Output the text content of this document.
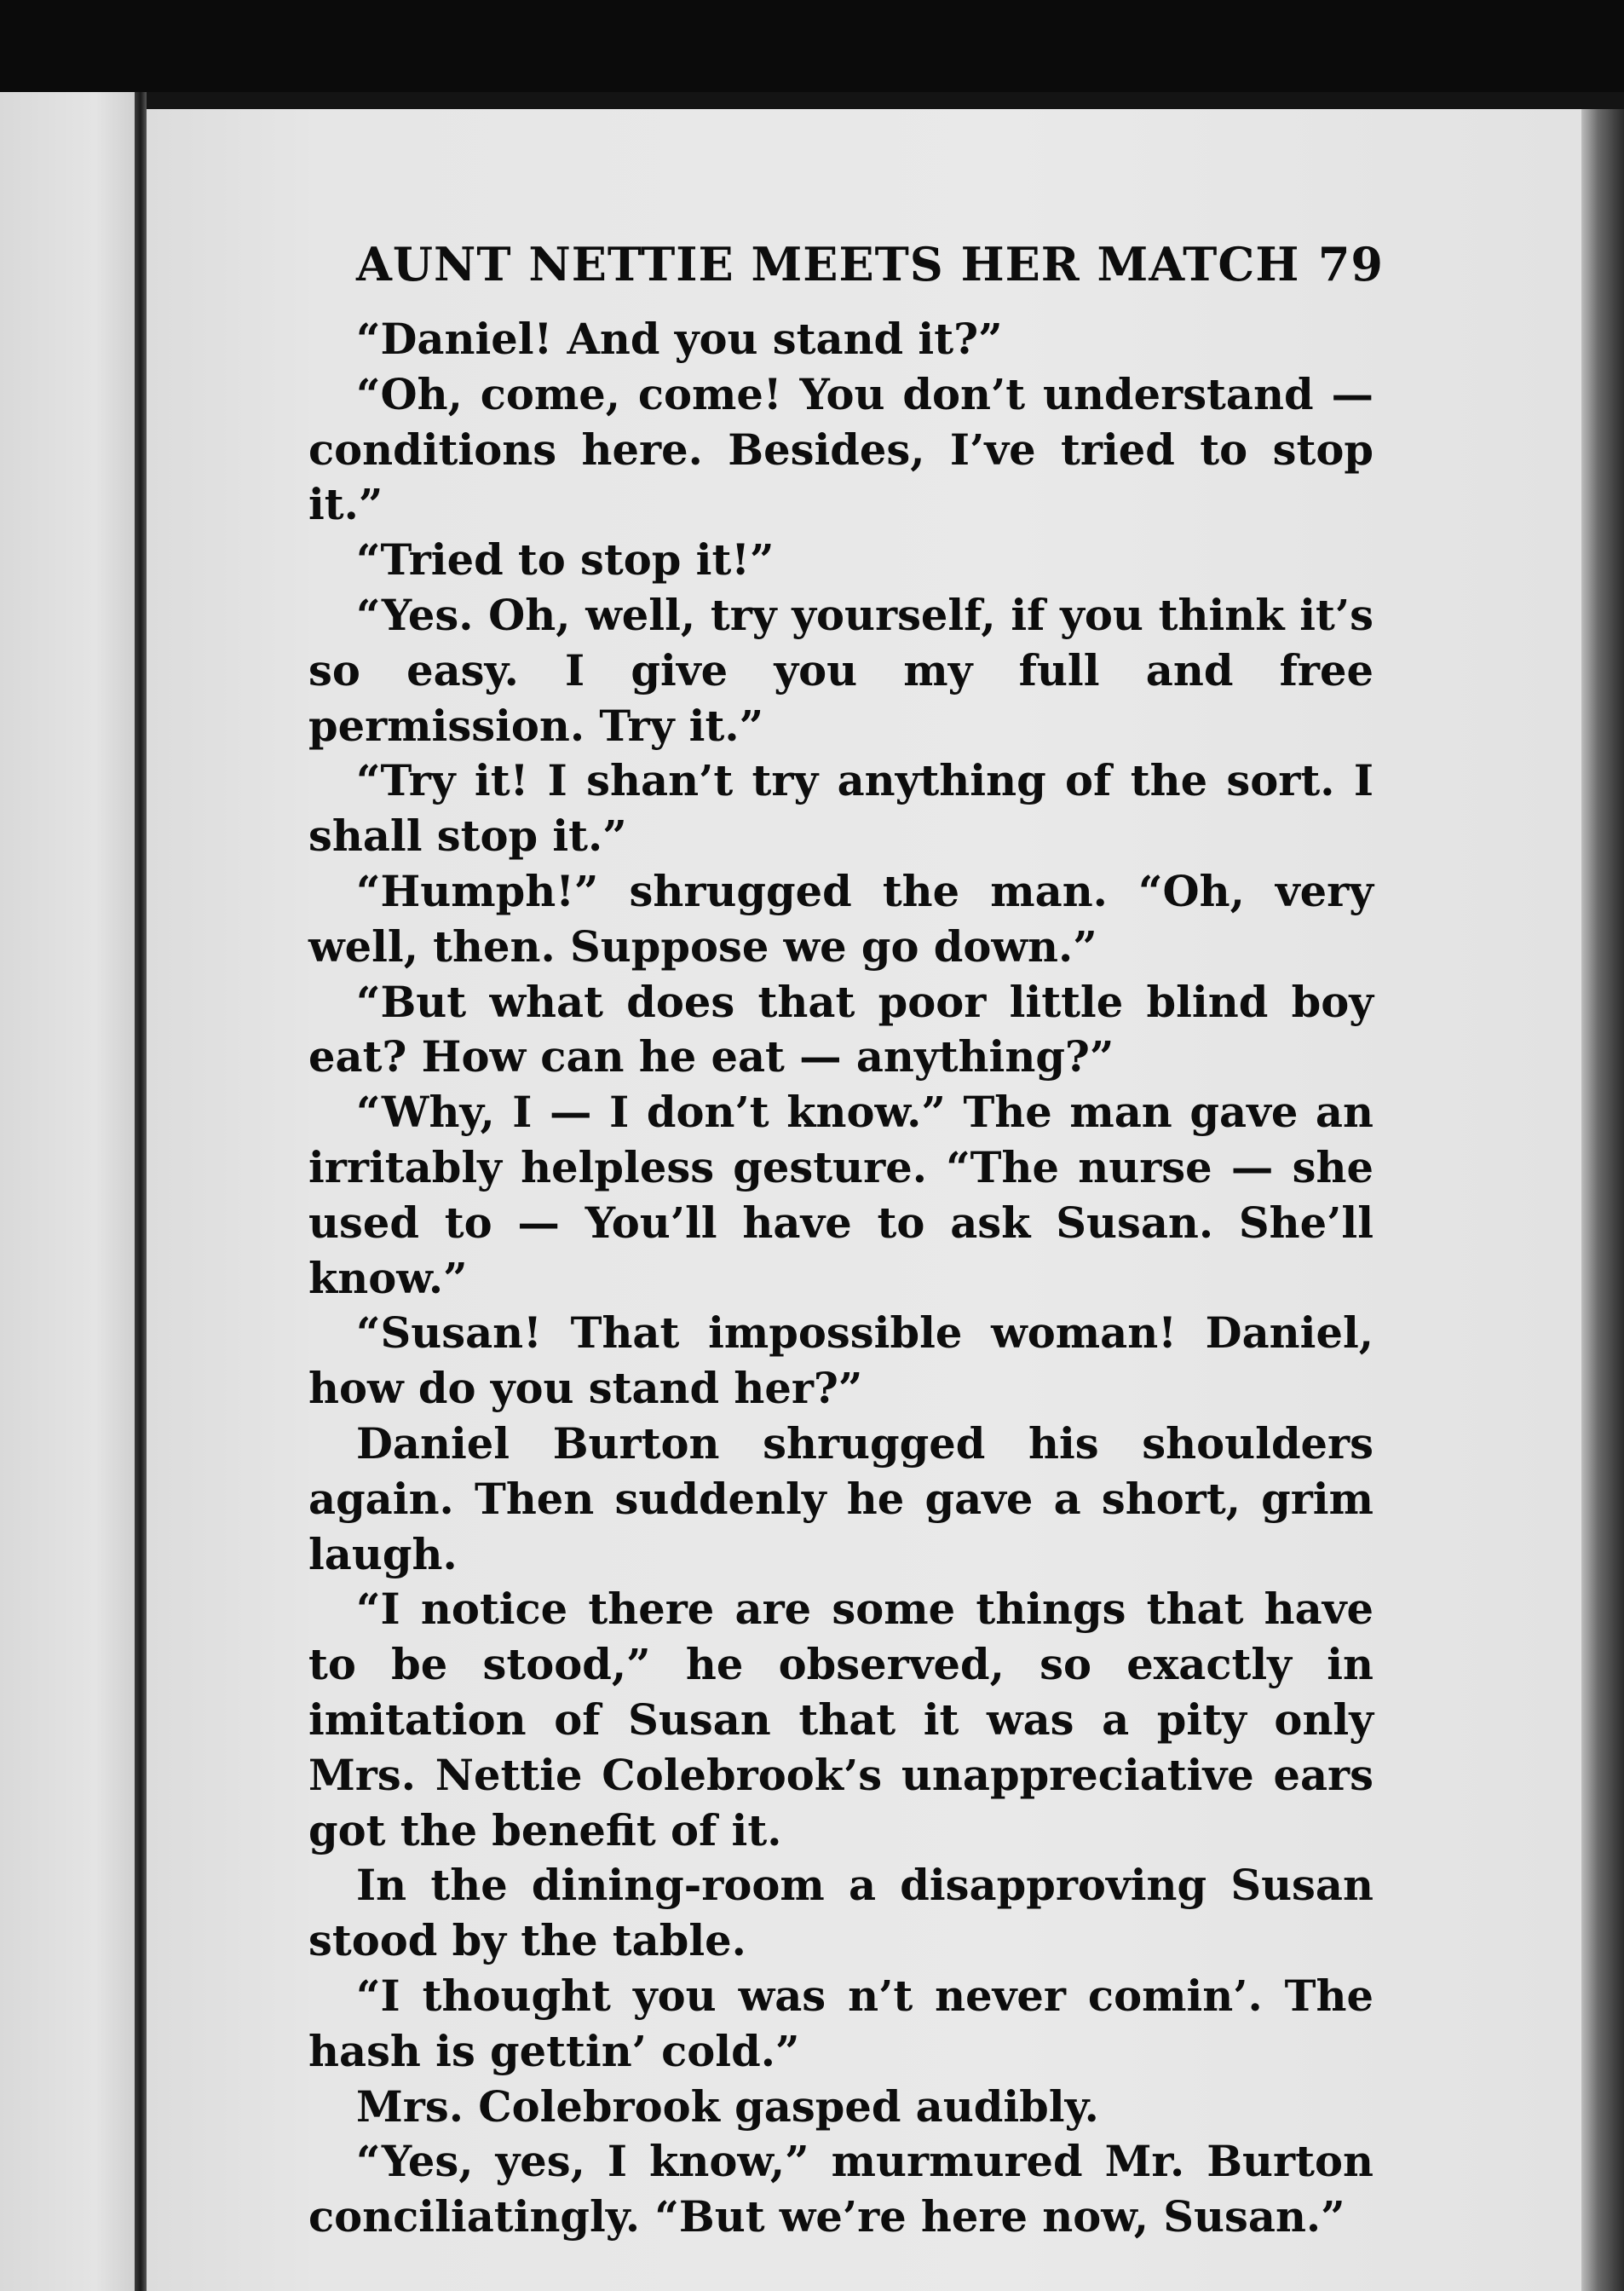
AUNT NETTIE MEETS HER MATCH 79

“Daniel! And you stand it?”

“Oh, come, come! You don’t understand — conditions here. Besides, I’ve tried to stop it.”

“Tried to stop it!”

“Yes. Oh, well, try yourself, if you think it’s so easy. I give you my full and free permission. Try it.”

“Try it! I shan’t try anything of the sort. I shall stop it.”

“Humph!” shrugged the man. “Oh, very well, then. Suppose we go down.”

“But what does that poor little blind boy eat? How can he eat — anything?”

“Why, I — I don’t know.” The man gave an irritably helpless gesture. “The nurse — she used to — You’ll have to ask Susan. She’ll know.”

“Susan! That impossible woman! Daniel, how do you stand her?”

Daniel Burton shrugged his shoulders again. Then suddenly he gave a short, grim laugh.

“I notice there are some things that have to be stood,” he observed, so exactly in imitation of Susan that it was a pity only Mrs. Nettie Colebrook’s unappreciative ears got the benefit of it.

In the dining-room a disapproving Susan stood by the table.

“I thought you was n’t never comin’. The hash is gettin’ cold.”

Mrs. Colebrook gasped audibly.

“Yes, yes, I know,” murmured Mr. Burton conciliatingly. “But we’re here now, Susan.”
